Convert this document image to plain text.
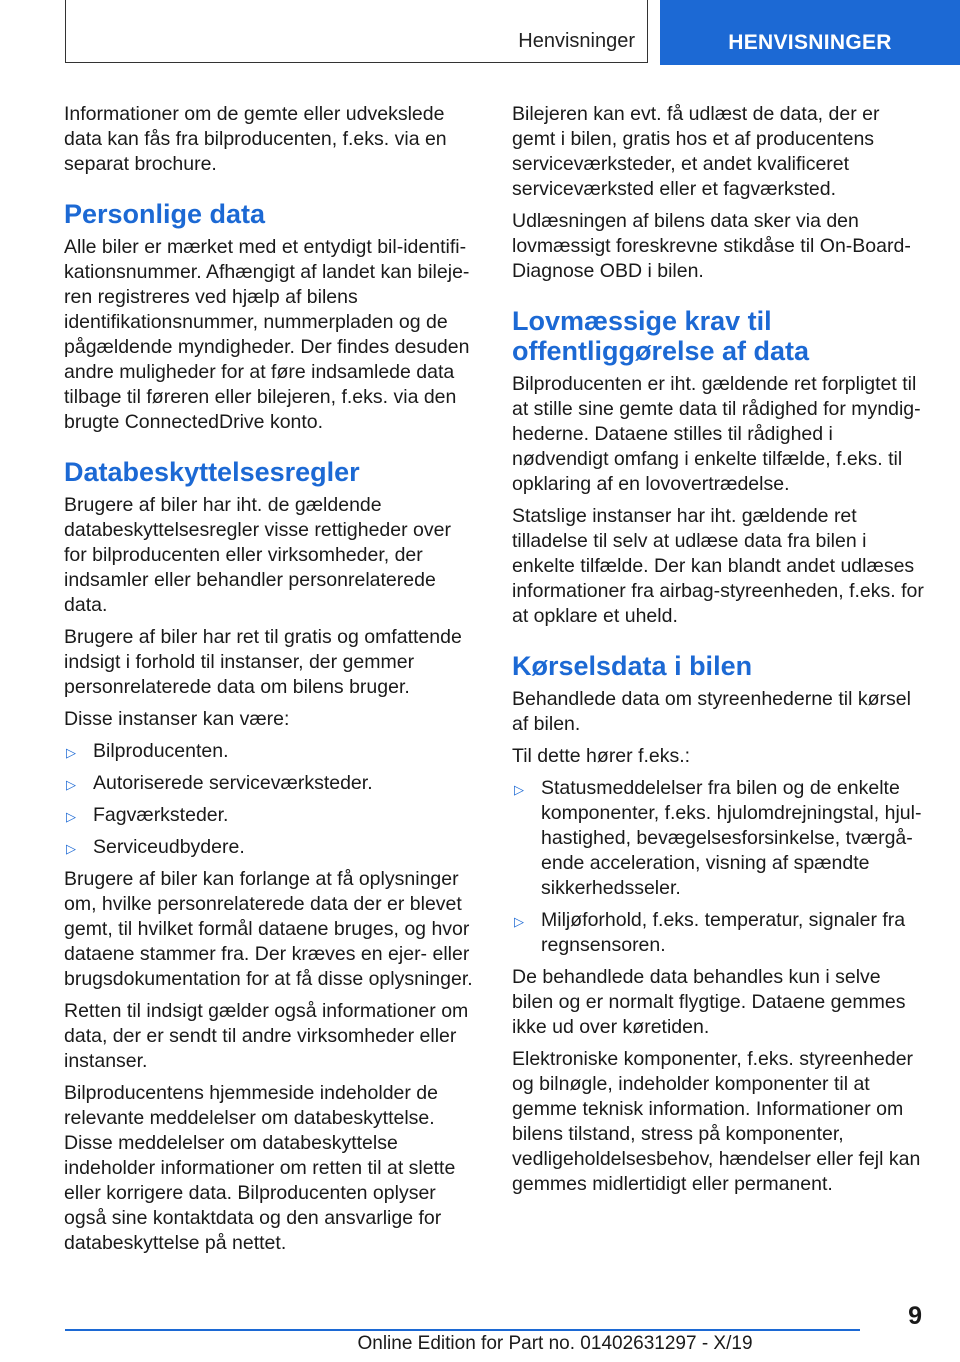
Henvisninger	HENVISNINGER

Informationer om de gemte eller udvekslede data kan fås fra bilproducenten, f.eks. via en separat brochure.

Personlige data

Alle biler er mærket med et entydigt bil-identifikationsnummer. Afhængigt af landet kan bilejeren registreres ved hjælp af bilens identifikationsnummer, nummerpladen og de pågældende myndigheder. Der findes desuden andre muligheder for at føre indsamlede data tilbage til føreren eller bilejeren, f.eks. via den brugte ConnectedDrive konto.

Databeskyttelsesregler

Brugere af biler har iht. de gældende databeskyttelsesregler visse rettigheder over for bilproducenten eller virksomheder, der indsamler eller behandler personrelaterede data.

Brugere af biler har ret til gratis og omfattende indsigt i forhold til instanser, der gemmer personrelaterede data om bilens bruger.

Disse instanser kan være:

▷ Bilproducenten.
▷ Autoriserede serviceværksteder.
▷ Fagværksteder.
▷ Serviceudbydere.

Brugere af biler kan forlange at få oplysninger om, hvilke personrelaterede data der er blevet gemt, til hvilket formål dataene bruges, og hvor dataene stammer fra. Der kræves en ejer- eller brugsdokumentation for at få disse oplysninger.

Retten til indsigt gælder også informationer om data, der er sendt til andre virksomheder eller instanser.

Bilproducentens hjemmeside indeholder de relevante meddelelser om databeskyttelse. Disse meddelelser om databeskyttelse indeholder informationer om retten til at slette eller korrigere data. Bilproducenten oplyser også sine kontaktdata og den ansvarlige for databeskyttelse på nettet.

Bilejeren kan evt. få udlæst de data, der er gemt i bilen, gratis hos et af producentens serviceværksteder, et andet kvalificeret serviceværksted eller et fagværksted.

Udlæsningen af bilens data sker via den lovmæssigt foreskrevne stikdåse til On-Board-Diagnose OBD i bilen.

Lovmæssige krav til offentliggørelse af data

Bilproducenten er iht. gældende ret forpligtet til at stille sine gemte data til rådighed for myndighederne. Dataene stilles til rådighed i nødvendigt omfang i enkelte tilfælde, f.eks. til opklaring af en lovovertrædelse.

Statslige instanser har iht. gældende ret tilladelse til selv at udlæse data fra bilen i enkelte tilfælde. Der kan blandt andet udlæses informationer fra airbag-styreenheden, f.eks. for at opklare et uheld.

Kørselsdata i bilen

Behandlede data om styreenhederne til kørsel af bilen.

Til dette hører f.eks.:

▷ Statusmeddelelser fra bilen og de enkelte komponenter, f.eks. hjulomdrejningstal, hjulhastighed, bevægelsesforsinkelse, tværgående acceleration, visning af spændte sikkerhedsseler.
▷ Miljøforhold, f.eks. temperatur, signaler fra regnsensoren.

De behandlede data behandles kun i selve bilen og er normalt flygtige. Dataene gemmes ikke ud over køretiden.

Elektroniske komponenter, f.eks. styreenheder og bilnøgle, indeholder komponenter til at gemme teknisk information. Informationer om bilens tilstand, stress på komponenter, vedligeholdelsesbehov, hændelser eller fejl kan gemmes midlertidigt eller permanent.

9
Online Edition for Part no. 01402631297 - X/19
